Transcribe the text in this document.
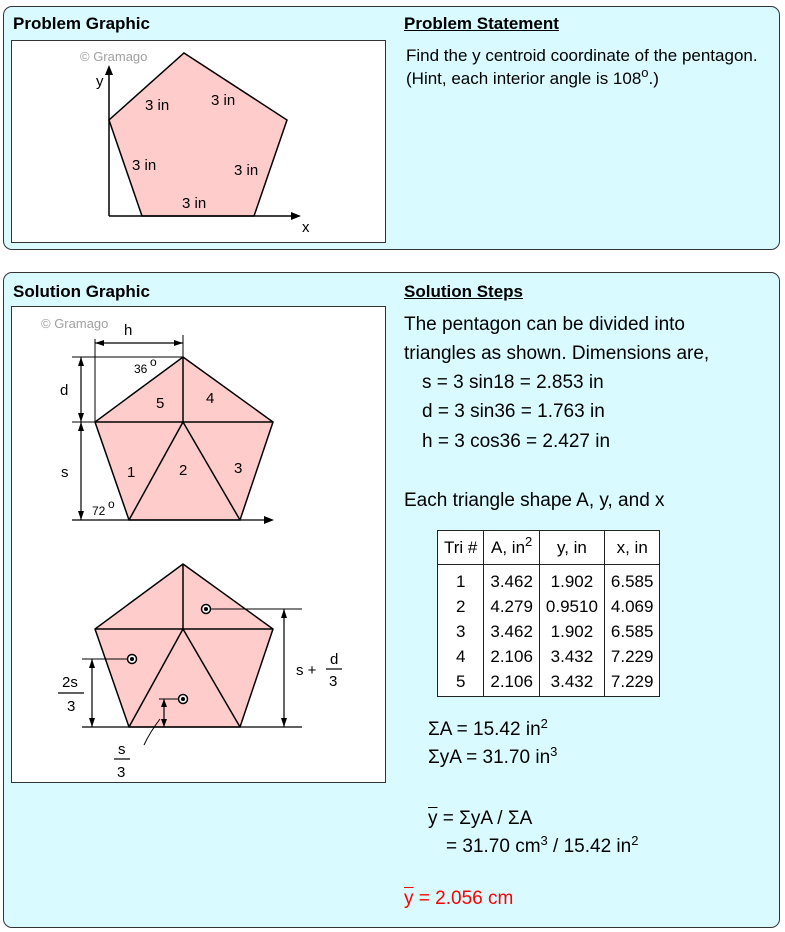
Problem Graphic	Problem Statement
© Gramago
y
x
3 in	3 in
3 in	3 in
3 in
Find the y centroid coordinate of the pentagon. (Hint, each interior angle is 108$^o$.)
Solution Graphic	Solution Steps
h
d
s
36 o
72 o
1	2	3
4
5
s +
d
3
2s
3
s
3
© Gramago	The pentagon can be divided into
triangles as shown. Dimensions are,
s = 3 sin18 = 2.853 in
d = 3 sin36 = 1.763 in
h = 3 cos36 = 2.427 in
Each triangle shape A, y, and x
ΣA = 15.42 $in^2$
ΣyA = 31.70 $in^3$
$\overline{y} = \Sigma yA / \Sigma A$
= 31.70 $cm^3 / 15.42$ $in^2$
$\overline{y} = 2.056$ cm
Tri #	A, $in^2$	y, in	x, in
1	3.462	1.902	6.585
2	4.279	0.9510	4.069
3	3.462	1.902	6.585
4	2.106	3.432	7.229
5	2.106	3.432	7.229
